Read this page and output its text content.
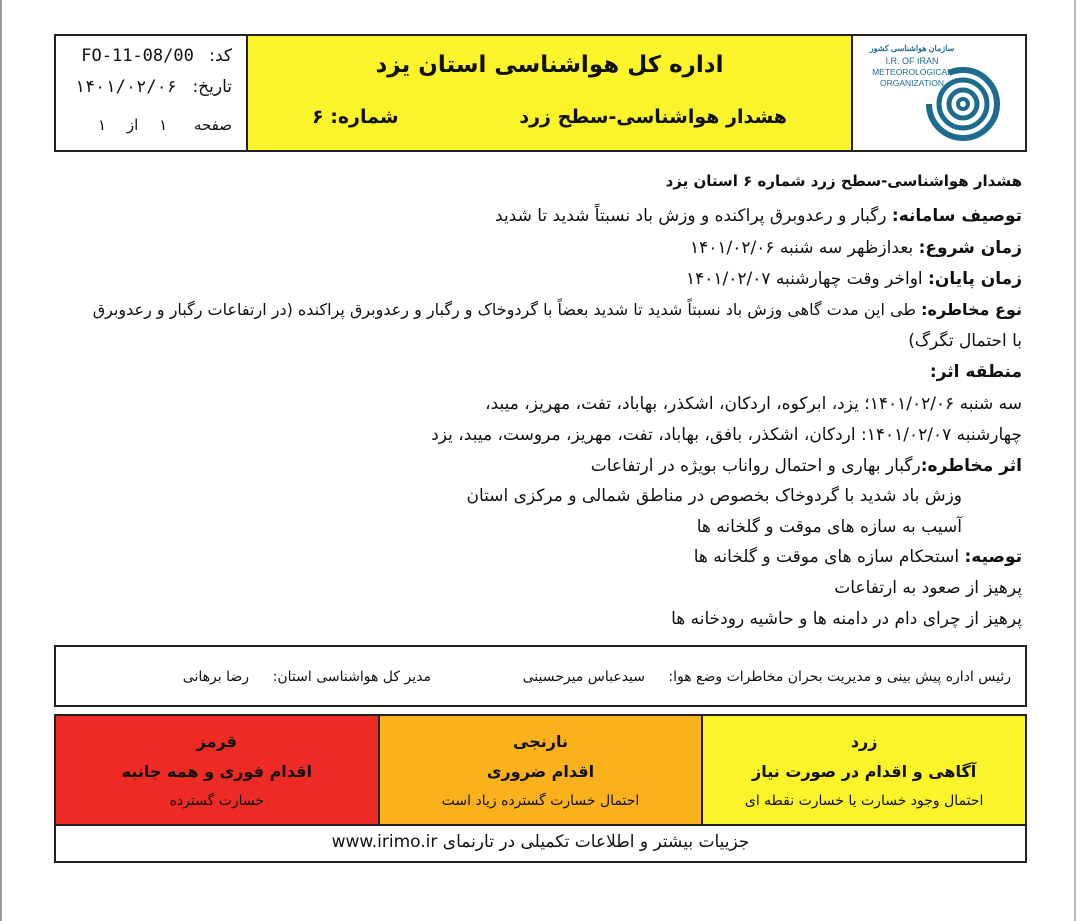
کد: FO-11-08/00
تاریخ: ۱۴۰۱/۰۲/۰۶
صفحه ۱ از ۱
اداره کل هواشناسی استان یزد
هشدار هواشناسی-سطح زرد
شماره: ۶
سازمان هواشناسی کشور
I.R. OF IRAN
METEOROLOGICAL
ORGANIZATION
هشدار هواشناسی-سطح زرد شماره ۶ استان یزد
توصیف سامانه: رگبار و رعدوبرق پراکنده و وزش باد نسبتاً شدید تا شدید
زمان شروع: بعدازظهر سه شنبه ۱۴۰۱/۰۲/۰۶
زمان پایان: اواخر وقت چهارشنبه ۱۴۰۱/۰۲/۰۷
نوع مخاطره: طی این مدت گاهی وزش باد نسبتاً شدید تا شدید بعضاً با گردوخاک و رگبار و رعدوبرق پراکنده (در ارتفاعات رگبار و رعدوبرق
با احتمال تگرگ)
منطقه اثر:
سه شنبه ۱۴۰۱/۰۲/۰۶؛ یزد، ابرکوه، اردکان، اشکذر، بهاباد، تفت، مهریز، میبد،
چهارشنبه ۱۴۰۱/۰۲/۰۷: اردکان، اشکذر، بافق، بهاباد، تفت، مهریز، مروست، میبد، یزد
اثر مخاطره:رگبار بهاری و احتمال رواناب بویژه در ارتفاعات
وزش باد شدید با گردوخاک بخصوص در مناطق شمالی و مرکزی استان
آسیب به سازه های موقت و گلخانه ها
توصیه: استحکام سازه های موقت و گلخانه ها
پرهیز از صعود به ارتفاعات
پرهیز از چرای دام در دامنه ها و حاشیه رودخانه ها
رئیس اداره پیش بینی و مدیریت بحران مخاطرات وضع هوا:
سیدعباس میرحسینی
مدیر کل هواشناسی استان:
رضا برهانی
زرد
آگاهی و اقدام در صورت نیاز
احتمال وجود خسارت یا خسارت نقطه ای
نارنجی
اقدام ضروری
احتمال خسارت گسترده زیاد است
قرمز
اقدام فوری و همه جانبه
خسارت گسترده
جزییات بیشتر و اطلاعات تکمیلی در تارنمای www.irimo.ir
